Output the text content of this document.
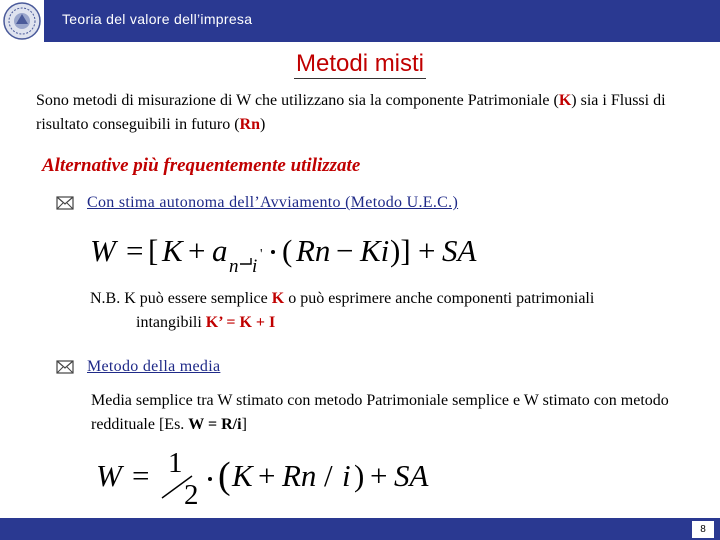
Teoria del valore dell’impresa
Metodi misti
Sono metodi di misurazione di W che utilizzano sia la componente Patrimoniale (K) sia i Flussi di risultato conseguibili in futuro (Rn)
Alternative più frequentemente utilizzate
Con stima autonoma dell’Avviamento (Metodo U.E.C.)
W = [ K + a n i
' ( Rn − Ki )] + SA
N.B. K può essere semplice K o può esprimere anche componenti patrimoniali
intangibili K’ = K + I
Metodo della media
Media semplice tra W stimato con metodo Patrimoniale semplice e W stimato con metodo reddituale [Es. W = R/i]
W = 1
2 ( K + Rn / i ) + SA
8
